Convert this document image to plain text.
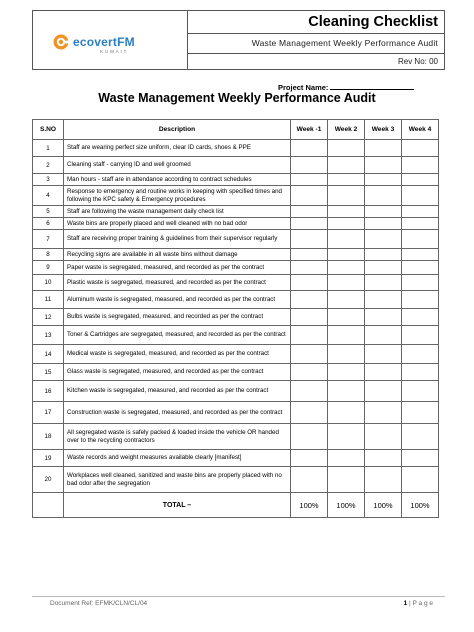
ecovertFM
KUWAIT
Cleaning Checklist
Waste Management Weekly Performance Audit
Rev No: 00
Project Name:
Waste Management Weekly Performance Audit
S.NO	Description	Week -1	Week 2	Week 3	Week 4
1	Staff are wearing perfect size uniform, clear ID cards, shoes & PPE				
2	Cleaning staff - carrying ID and well groomed				
3	Man hours - staff are in attendance according to contract schedules				
4	Response to emergency and routine works in keeping with specified times and following the KPC safety & Emergency procedures				
5	Staff are following the waste management daily check list				
6	Waste bins are properly placed and well cleaned with no bad odor				
7	Staff are receiving proper training & guidelines from their supervisor regularly				
8	Recycling signs are available in all waste bins without damage				
9	Paper waste is segregated, measured, and recorded as per the contract				
10	Plastic waste is segregated, measured, and recorded as per the contract				
11	Aluminum waste is segregated, measured, and recorded as per the contract				
12	Bulbs waste is segregated, measured, and recorded as per the contract				
13	Toner & Cartridges are segregated, measured, and recorded as per the contract				
14	Medical waste is segregated, measured, and recorded as per the contract				
15	Glass waste is segregated, measured, and recorded as per the contract				
16	Kitchen waste is segregated, measured, and recorded as per the contract				
17	Construction waste is segregated, measured, and recorded as per the contract				
18	All segregated waste is safely packed & loaded inside the vehicle OR handed over to the recycling contractors				
19	Waste records and weight measures available clearly [manifest]				
20	Workplaces well cleaned, sanitized and waste bins are properly placed with no bad odor after the segregation				
	TOTAL –	100%	100%	100%	100%
Document Ref: EFMK/CLN/CL/04	1 | P a g e
